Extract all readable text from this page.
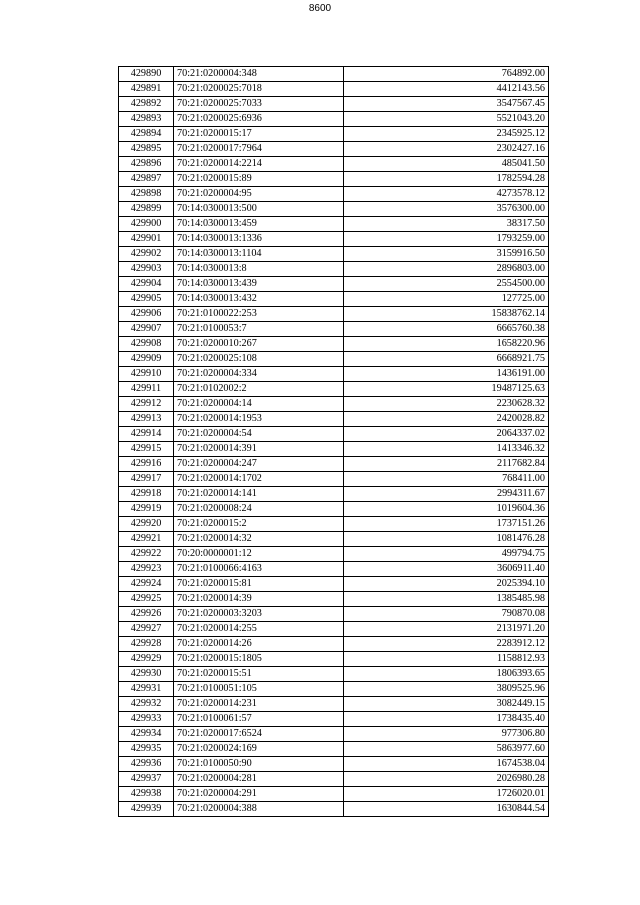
8600
429890	70:21:0200004:348	764892.00
429891	70:21:0200025:7018	4412143.56
429892	70:21:0200025:7033	3547567.45
429893	70:21:0200025:6936	5521043.20
429894	70:21:0200015:17	2345925.12
429895	70:21:0200017:7964	2302427.16
429896	70:21:0200014:2214	485041.50
429897	70:21:0200015:89	1782594.28
429898	70:21:0200004:95	4273578.12
429899	70:14:0300013:500	3576300.00
429900	70:14:0300013:459	38317.50
429901	70:14:0300013:1336	1793259.00
429902	70:14:0300013:1104	3159916.50
429903	70:14:0300013:8	2896803.00
429904	70:14:0300013:439	2554500.00
429905	70:14:0300013:432	127725.00
429906	70:21:0100022:253	15838762.14
429907	70:21:0100053:7	6665760.38
429908	70:21:0200010:267	1658220.96
429909	70:21:0200025:108	6668921.75
429910	70:21:0200004:334	1436191.00
429911	70:21:0102002:2	19487125.63
429912	70:21:0200004:14	2230628.32
429913	70:21:0200014:1953	2420028.82
429914	70:21:0200004:54	2064337.02
429915	70:21:0200014:391	1413346.32
429916	70:21:0200004:247	2117682.84
429917	70:21:0200014:1702	768411.00
429918	70:21:0200014:141	2994311.67
429919	70:21:0200008:24	1019604.36
429920	70:21:0200015:2	1737151.26
429921	70:21:0200014:32	1081476.28
429922	70:20:0000001:12	499794.75
429923	70:21:0100066:4163	3606911.40
429924	70:21:0200015:81	2025394.10
429925	70:21:0200014:39	1385485.98
429926	70:21:0200003:3203	790870.08
429927	70:21:0200014:255	2131971.20
429928	70:21:0200014:26	2283912.12
429929	70:21:0200015:1805	1158812.93
429930	70:21:0200015:51	1806393.65
429931	70:21:0100051:105	3809525.96
429932	70:21:0200014:231	3082449.15
429933	70:21:0100061:57	1738435.40
429934	70:21:0200017:6524	977306.80
429935	70:21:0200024:169	5863977.60
429936	70:21:0100050:90	1674538.04
429937	70:21:0200004:281	2026980.28
429938	70:21:0200004:291	1726020.01
429939	70:21:0200004:388	1630844.54
